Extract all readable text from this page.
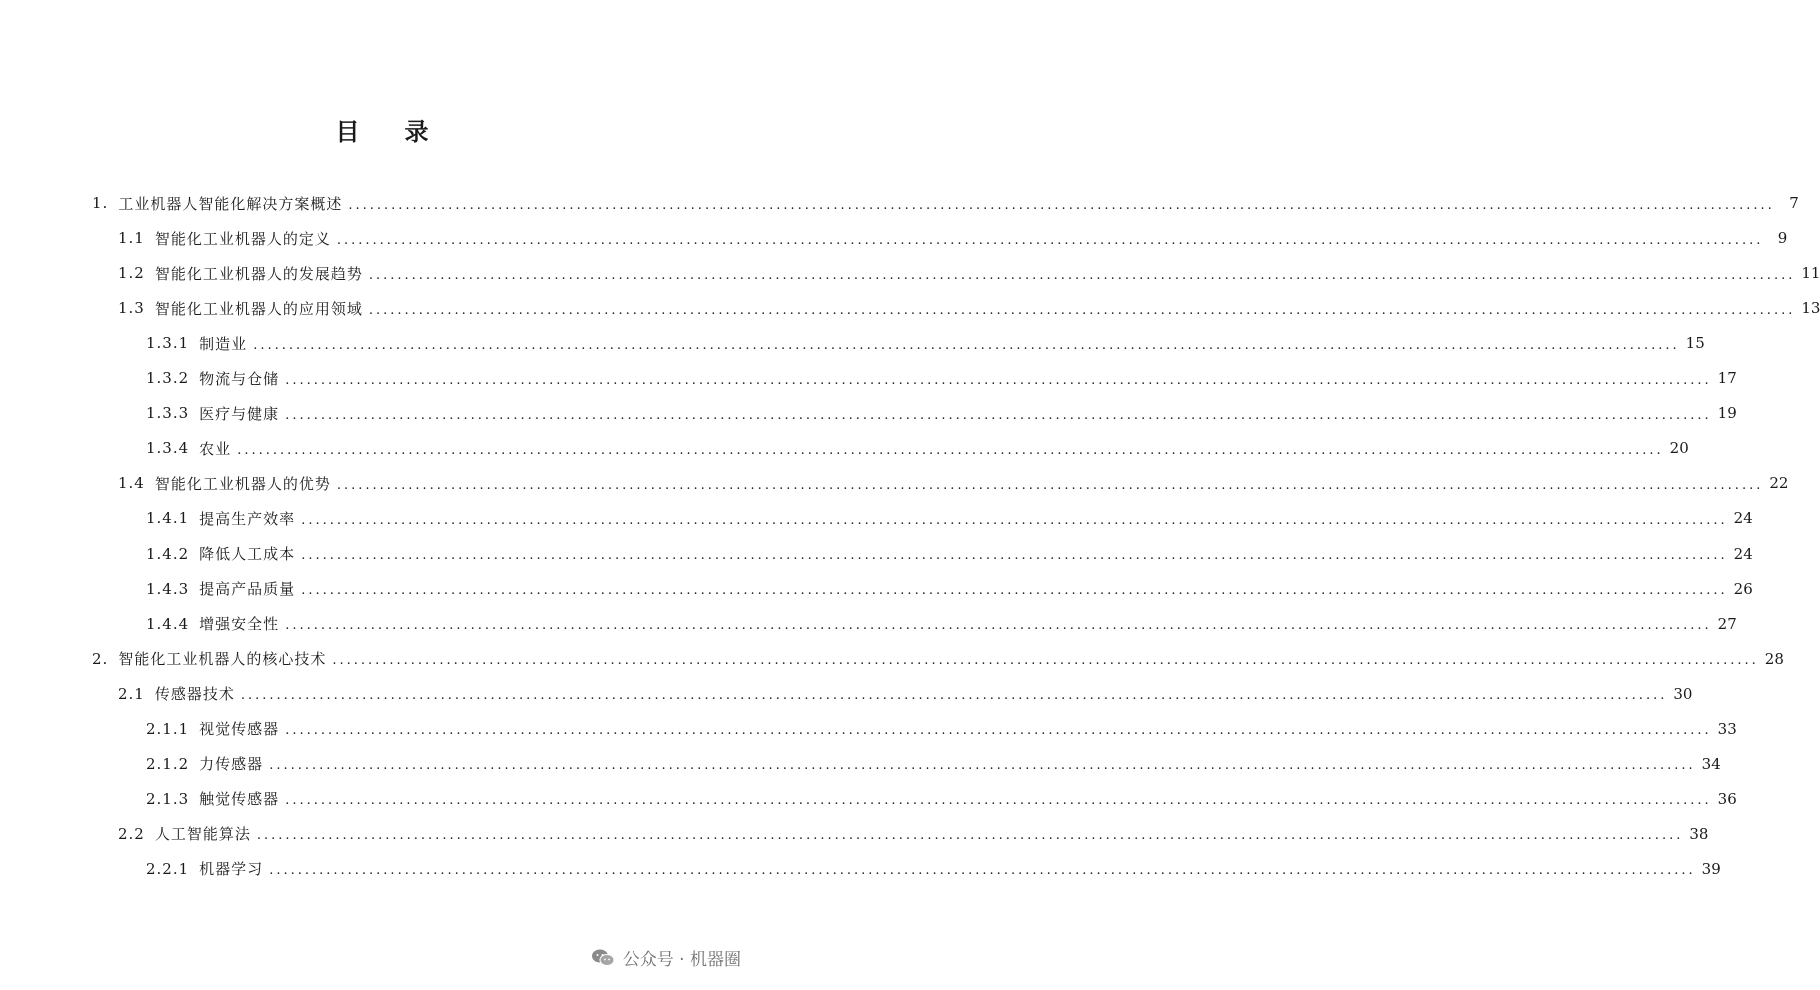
目 录
1. 工业机器人智能化解决方案概述 ........................................................................................................................................................................................................ 7
1.1 智能化工业机器人的定义 ........................................................................................................................................................................................................ 9
1.2 智能化工业机器人的发展趋势 ........................................................................................................................................................................................................ 11
1.3 智能化工业机器人的应用领域 ........................................................................................................................................................................................................ 13
1.3.1 制造业 ........................................................................................................................................................................................................ 15
1.3.2 物流与仓储 ........................................................................................................................................................................................................ 17
1.3.3 医疗与健康 ........................................................................................................................................................................................................ 19
1.3.4 农业 ........................................................................................................................................................................................................ 20
1.4 智能化工业机器人的优势 ........................................................................................................................................................................................................ 22
1.4.1 提高生产效率 ........................................................................................................................................................................................................ 24
1.4.2 降低人工成本 ........................................................................................................................................................................................................ 24
1.4.3 提高产品质量 ........................................................................................................................................................................................................ 26
1.4.4 增强安全性 ........................................................................................................................................................................................................ 27
2. 智能化工业机器人的核心技术 ........................................................................................................................................................................................................ 28
2.1 传感器技术 ........................................................................................................................................................................................................ 30
2.1.1 视觉传感器 ........................................................................................................................................................................................................ 33
2.1.2 力传感器 ........................................................................................................................................................................................................ 34
2.1.3 触觉传感器 ........................................................................................................................................................................................................ 36
2.2 人工智能算法 ........................................................................................................................................................................................................ 38
2.2.1 机器学习 ........................................................................................................................................................................................................ 39
公众号 · 机器圈
